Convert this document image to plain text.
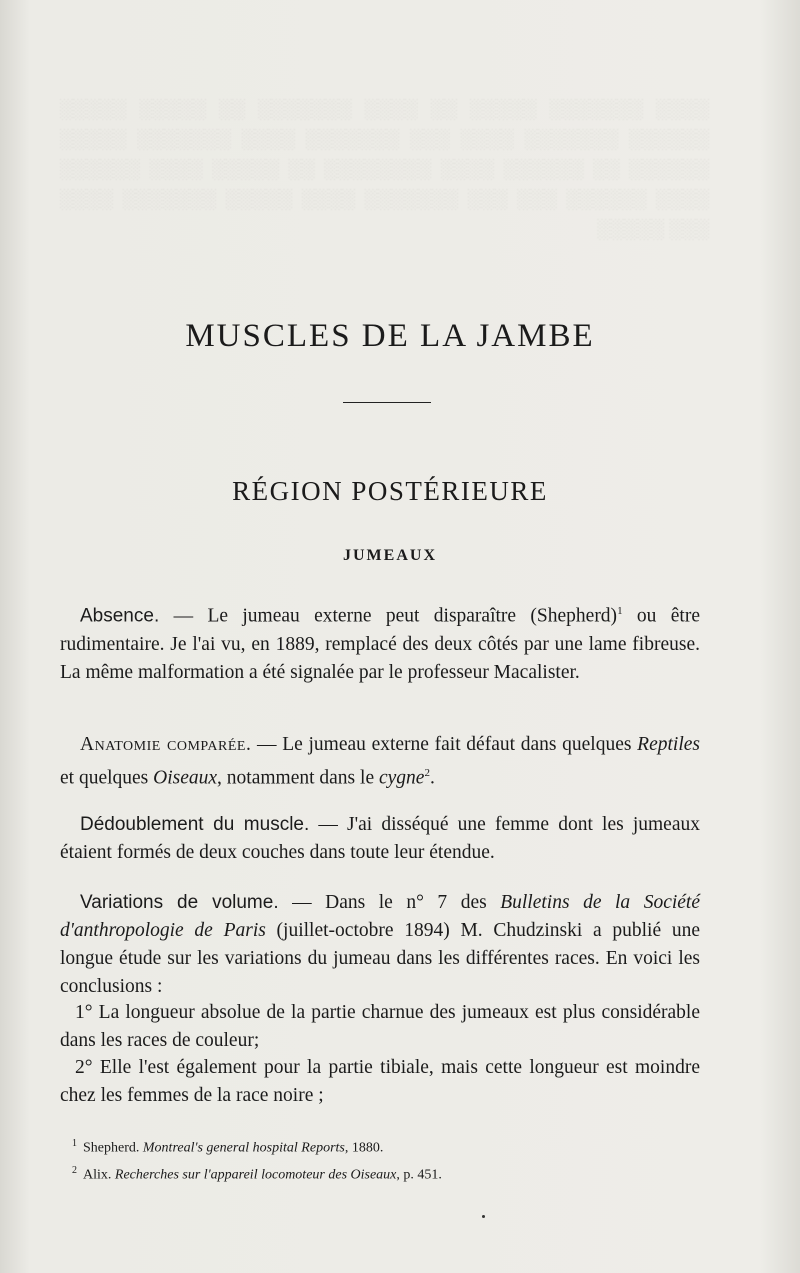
░░░░ ░░░░░░░ ░░░░░ ░░ ░░░░ ░░░░░░░ ░░ ░░░░░ ░░░░░ ░░░░░░ ░░░░░░░ ░░░░ ░░░ ░░░░░░░ ░░░░ ░░░░░░░ ░░░░░ ░░░░░░ ░░ ░░░░░░ ░░░░ ░░░░░░░░ ░░ ░░░░░ ░░░░ ░░░░░░ ░░░░ ░░░░░░ ░░░ ░░░ ░░░░░░░ ░░░░ ░░░░░ ░░░░░░░ ░░░░ ░░░ ░░░░░
MUSCLES DE LA JAMBE
RÉGION POSTÉRIEURE
JUMEAUX
Absence. — Le jumeau externe peut disparaître (Shepherd)$^1$ ou être rudimentaire. Je l'ai vu, en 1889, remplacé des deux côtés par une lame fibreuse. La même malformation a été signalée par le professeur Macalister.
Anatomie comparée. — Le jumeau externe fait défaut dans quelques Reptiles et quelques Oiseaux, notamment dans le cygne$^2$.
Dédoublement du muscle. — J'ai disséqué une femme dont les jumeaux étaient formés de deux couches dans toute leur étendue.
Variations de volume. — Dans le n° 7 des Bulletins de la Société d'anthropologie de Paris (juillet-octobre 1894) M. Chudzinski a publié une longue étude sur les variations du jumeau dans les différentes races. En voici les conclusions :
1° La longueur absolue de la partie charnue des jumeaux est plus considérable dans les races de couleur;
2° Elle l'est également pour la partie tibiale, mais cette longueur est moindre chez les femmes de la race noire ;
$^1$ Shepherd. Montreal's general hospital Reports, 1880.
$^2$ Alix. Recherches sur l'appareil locomoteur des Oiseaux, p. 451.
